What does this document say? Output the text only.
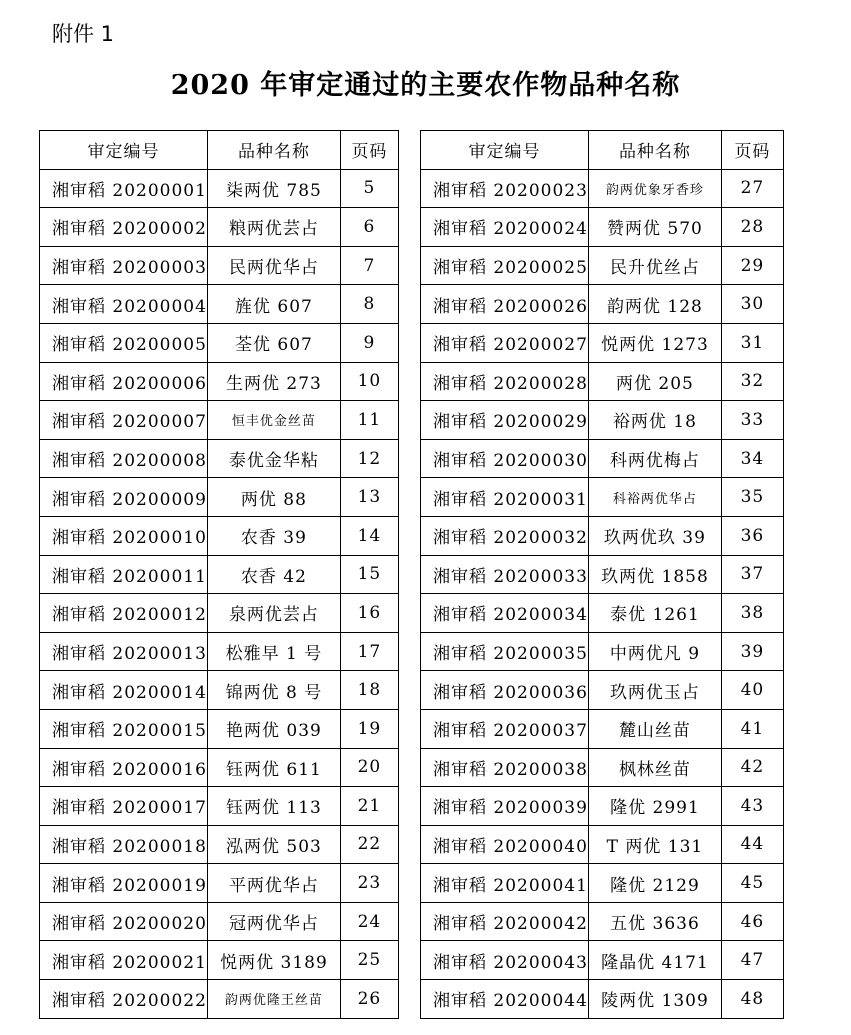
附件 1
2020 年审定通过的主要农作物品种名称
审定编号	品种名称	页码
湘审稻 20200001	柒两优 785	5
湘审稻 20200002	粮两优芸占	6
湘审稻 20200003	民两优华占	7
湘审稻 20200004	旌优 607	8
湘审稻 20200005	荃优 607	9
湘审稻 20200006	生两优 273	10
湘审稻 20200007	恒丰优金丝苗	11
湘审稻 20200008	泰优金华粘	12
湘审稻 20200009	两优 88	13
湘审稻 20200010	农香 39	14
湘审稻 20200011	农香 42	15
湘审稻 20200012	泉两优芸占	16
湘审稻 20200013	松雅早 1 号	17
湘审稻 20200014	锦两优 8 号	18
湘审稻 20200015	艳两优 039	19
湘审稻 20200016	钰两优 611	20
湘审稻 20200017	钰两优 113	21
湘审稻 20200018	泓两优 503	22
湘审稻 20200019	平两优华占	23
湘审稻 20200020	冠两优华占	24
湘审稻 20200021	悦两优 3189	25
湘审稻 20200022	韵两优隆王丝苗	26
审定编号	品种名称	页码
湘审稻 20200023	韵两优象牙香珍	27
湘审稻 20200024	赞两优 570	28
湘审稻 20200025	民升优丝占	29
湘审稻 20200026	韵两优 128	30
湘审稻 20200027	悦两优 1273	31
湘审稻 20200028	两优 205	32
湘审稻 20200029	裕两优 18	33
湘审稻 20200030	科两优梅占	34
湘审稻 20200031	科裕两优华占	35
湘审稻 20200032	玖两优玖 39	36
湘审稻 20200033	玖两优 1858	37
湘审稻 20200034	泰优 1261	38
湘审稻 20200035	中两优凡 9	39
湘审稻 20200036	玖两优玉占	40
湘审稻 20200037	麓山丝苗	41
湘审稻 20200038	枫林丝苗	42
湘审稻 20200039	隆优 2991	43
湘审稻 20200040	T 两优 131	44
湘审稻 20200041	隆优 2129	45
湘审稻 20200042	五优 3636	46
湘审稻 20200043	隆晶优 4171	47
湘审稻 20200044	陵两优 1309	48
